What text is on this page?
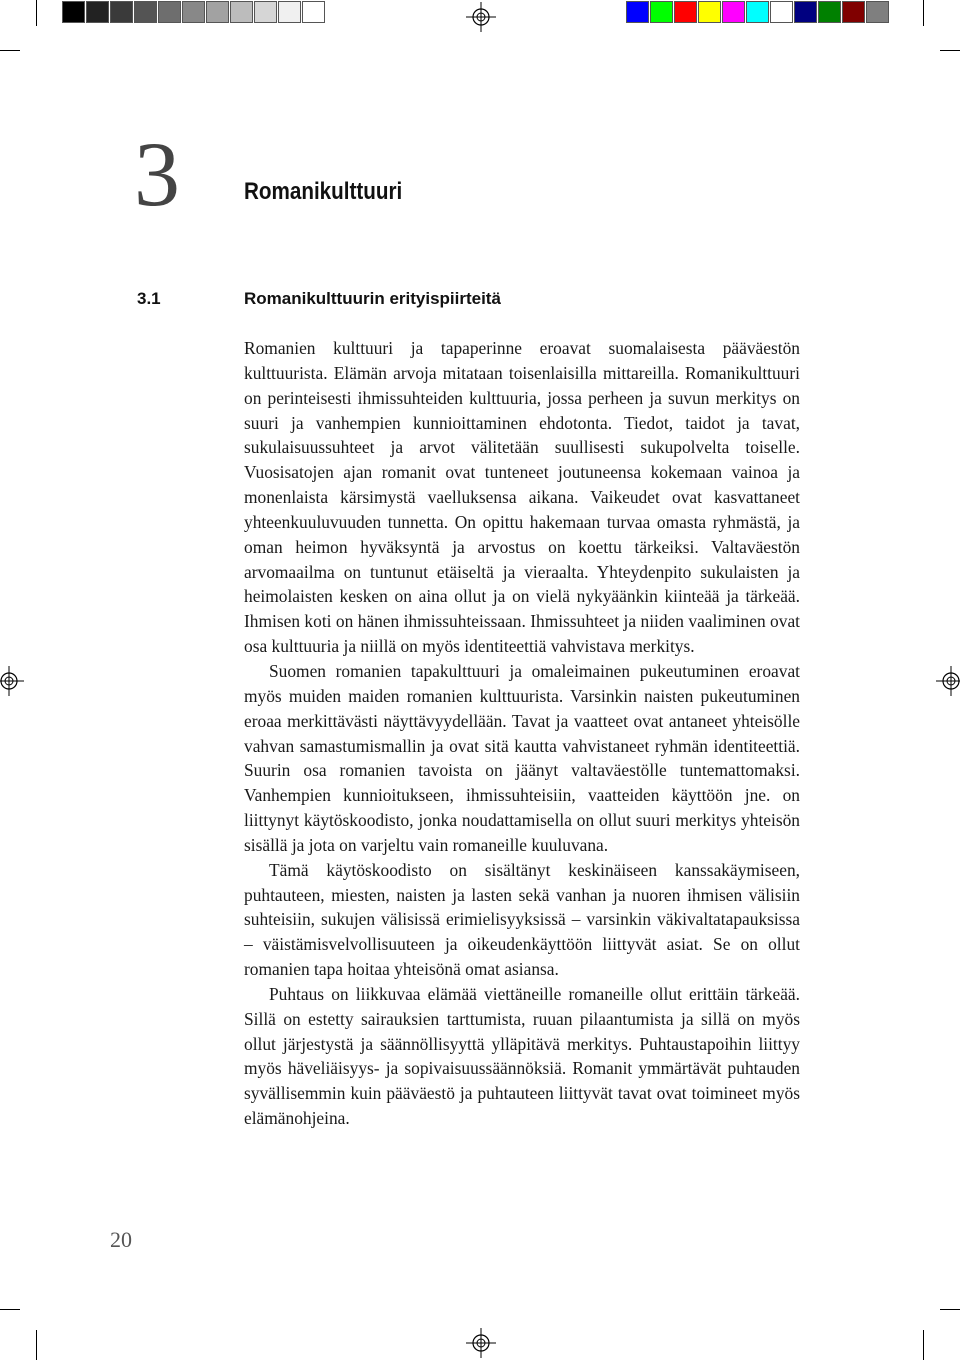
3	Romanikulttuuri
3.1	Romanikulttuurin erityispiirteitä

Romanien kulttuuri ja tapaperinne eroavat suomalaisesta pääväestön kulttuurista. Elämän arvoja mitataan toisenlaisilla mittareilla. Romanikulttuuri on perinteisesti ihmissuhteiden kulttuuria, jossa perheen ja suvun merkitys on suuri ja vanhempien kunnioittaminen ehdotonta. Tiedot, taidot ja tavat, sukulaisuussuhteet ja arvot välitetään suullisesti sukupolvelta toiselle. Vuosisatojen ajan romanit ovat tunteneet joutuneensa kokemaan vainoa ja monenlaista kärsimystä vaelluksensa aikana. Vaikeudet ovat kasvattaneet yhteenkuuluvuuden tunnetta. On opittu hakemaan turvaa omasta ryhmästä, ja oman heimon hyväksyntä ja arvostus on koettu tärkeiksi. Valtaväestön arvomaailma on tuntunut etäiseltä ja vieraalta. Yhteydenpito sukulaisten ja heimolaisten kesken on aina ollut ja on vielä nykyäänkin kiinteää ja tärkeää. Ihmisen koti on hänen ihmissuhteissaan. Ihmissuhteet ja niiden vaaliminen ovat osa kulttuuria ja niillä on myös identiteettiä vahvistava merkitys.

Suomen romanien tapakulttuuri ja omaleimainen pukeutuminen eroavat myös muiden maiden romanien kulttuurista. Varsinkin naisten pukeutuminen eroaa merkittävästi näyttävyydellään. Tavat ja vaatteet ovat antaneet yhteisölle vahvan samastumismallin ja ovat sitä kautta vahvistaneet ryhmän identiteettiä. Suurin osa romanien tavoista on jäänyt valtaväestölle tuntemattomaksi. Vanhempien kunnioitukseen, ihmissuhteisiin, vaatteiden käyttöön jne. on liittynyt käytöskoodisto, jonka noudattamisella on ollut suuri merkitys yhteisön sisällä ja jota on varjeltu vain romaneille kuuluvana.

Tämä käytöskoodisto on sisältänyt keskinäiseen kanssakäymiseen, puhtauteen, miesten, naisten ja lasten sekä vanhan ja nuoren ihmisen välisiin suhteisiin, sukujen välisissä erimielisyyksissä – varsinkin väkivaltatapauksissa – väistämisvelvollisuuteen ja oikeudenkäyttöön liittyvät asiat. Se on ollut romanien tapa hoitaa yhteisönä omat asiansa.

Puhtaus on liikkuvaa elämää viettäneille romaneille ollut erittäin tärkeää. Sillä on estetty sairauksien tarttumista, ruuan pilaantumista ja sillä on myös ollut järjestystä ja säännöllisyyttä ylläpitävä merkitys. Puhtaustapoihin liittyy myös häveliäisyys- ja sopivaisuussäännöksiä. Romanit ymmärtävät puhtauden syvällisemmin kuin pääväestö ja puhtauteen liittyvät tavat ovat toimineet myös elämänohjeina.

20
